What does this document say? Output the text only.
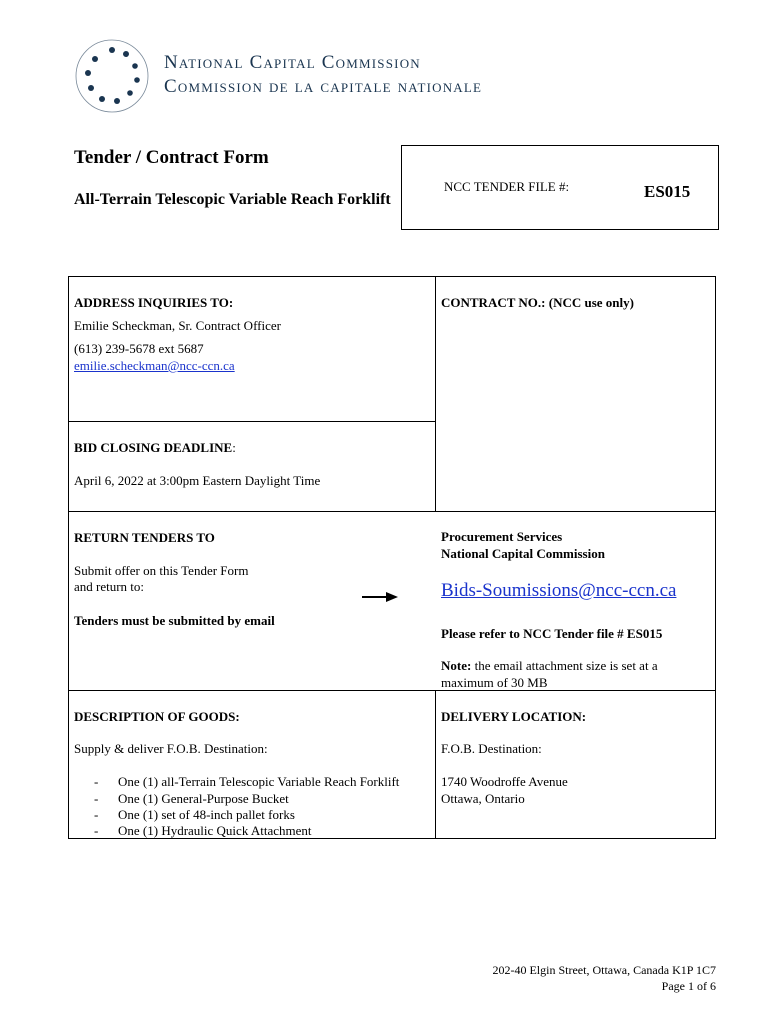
National Capital Commission
Commission de la capitale nationale
Tender / Contract Form
All-Terrain Telescopic Variable Reach Forklift
NCC TENDER FILE #:	ES015
ADDRESS INQUIRIES TO:
Emilie Scheckman, Sr. Contract Officer
(613) 239-5678 ext 5687
emilie.scheckman@ncc-ccn.ca
CONTRACT NO.: (NCC use only)
BID CLOSING DEADLINE:
April 6, 2022 at 3:00pm Eastern Daylight Time
RETURN TENDERS TO
Submit offer on this Tender Form
and return to:
Tenders must be submitted by email
Procurement Services
National Capital Commission
Bids-Soumissions@ncc-ccn.ca
Please refer to NCC Tender file # ES015
Note: the email attachment size is set at a
maximum of 30 MB
DESCRIPTION OF GOODS:
Supply & deliver F.O.B. Destination:
- One (1) all-Terrain Telescopic Variable Reach Forklift
- One (1) General-Purpose Bucket
- One (1) set of 48-inch pallet forks
- One (1) Hydraulic Quick Attachment
DELIVERY LOCATION:
F.O.B. Destination:
1740 Woodroffe Avenue
Ottawa, Ontario
202-40 Elgin Street, Ottawa, Canada K1P 1C7
Page 1 of 6
